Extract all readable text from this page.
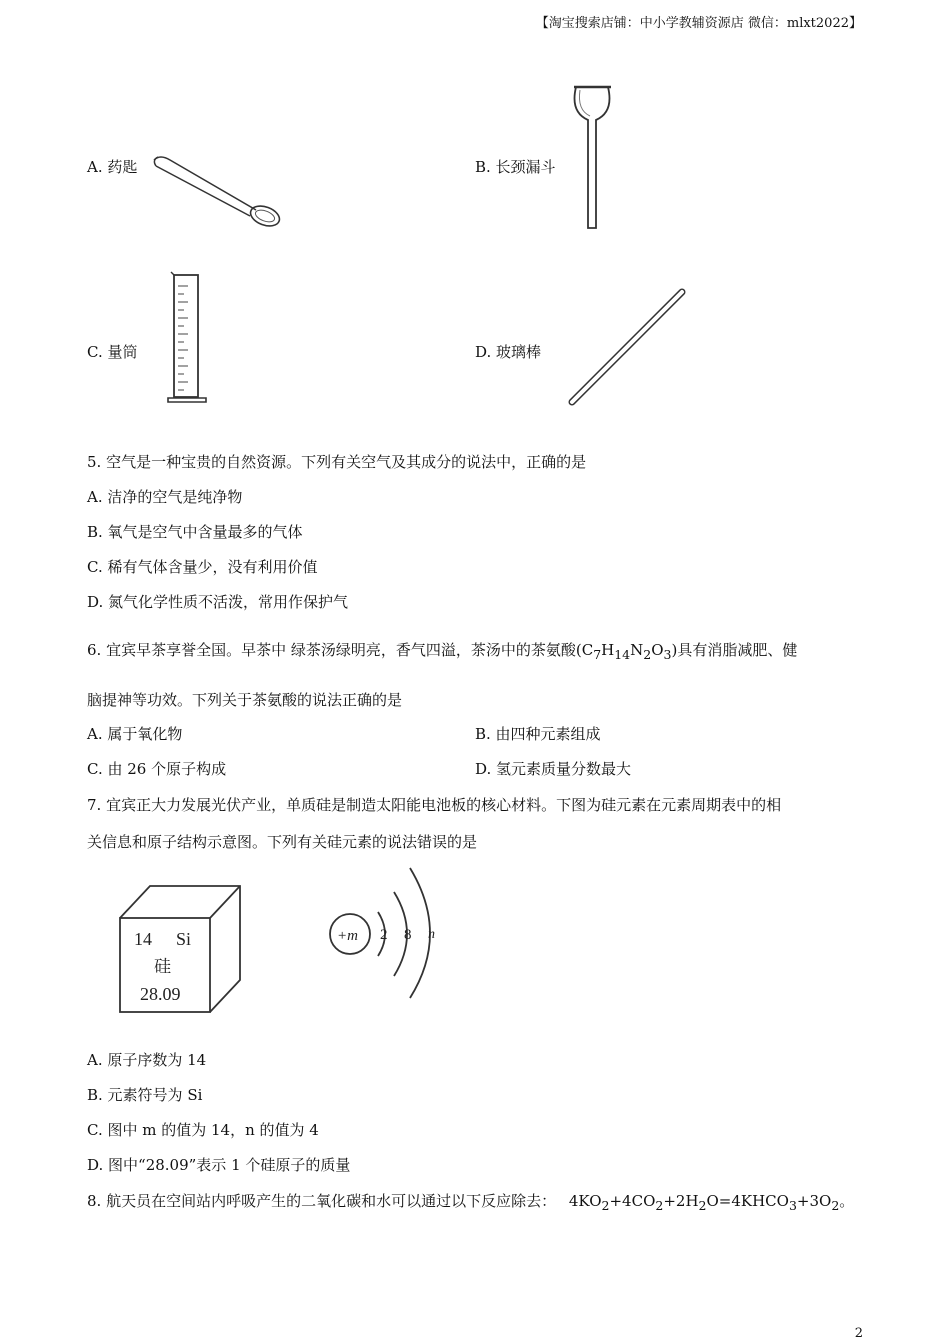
【淘宝搜索店铺：中小学教辅资源店 微信：mlxt2022】
A. 药匙	B. 长颈漏斗
C. 量筒	D. 玻璃棒
5. 空气是一种宝贵的自然资源。下列有关空气及其成分的说法中，正确的是
A. 洁净的空气是纯净物
B. 氧气是空气中含量最多的气体
C. 稀有气体含量少，没有利用价值
D. 氮气化学性质不活泼，常用作保护气
6. 宜宾早茶享誉全国。早茶中 绿茶汤绿明亮，香气四溢，茶汤中的茶氨酸$(C_7H_{14}N_2O_3)$具有消脂减肥、健
脑提神等功效。下列关于茶氨酸的说法正确的是
A. 属于氧化物	B. 由四种元素组成
C. 由 26 个原子构成	D. 氢元素质量分数最大
7. 宜宾正大力发展光伏产业，单质硅是制造太阳能电池板的核心材料。下图为硅元素在元素周期表中的相
关信息和原子结构示意图。下列有关硅元素的说法错误的是
14 Si
硅
28.09
+m 2 8 n
A. 原子序数为 14
B. 元素符号为 Si
C. 图中 m 的值为 14，n 的值为 4
D. 图中“28.09”表示 1 个硅原子的质量
8. 航天员在空间站内呼吸产生的二氧化碳和水可以通过以下反应除去： $4KO_2+4CO_2+2H_2O=4KHCO_3+3O_2$。
2
